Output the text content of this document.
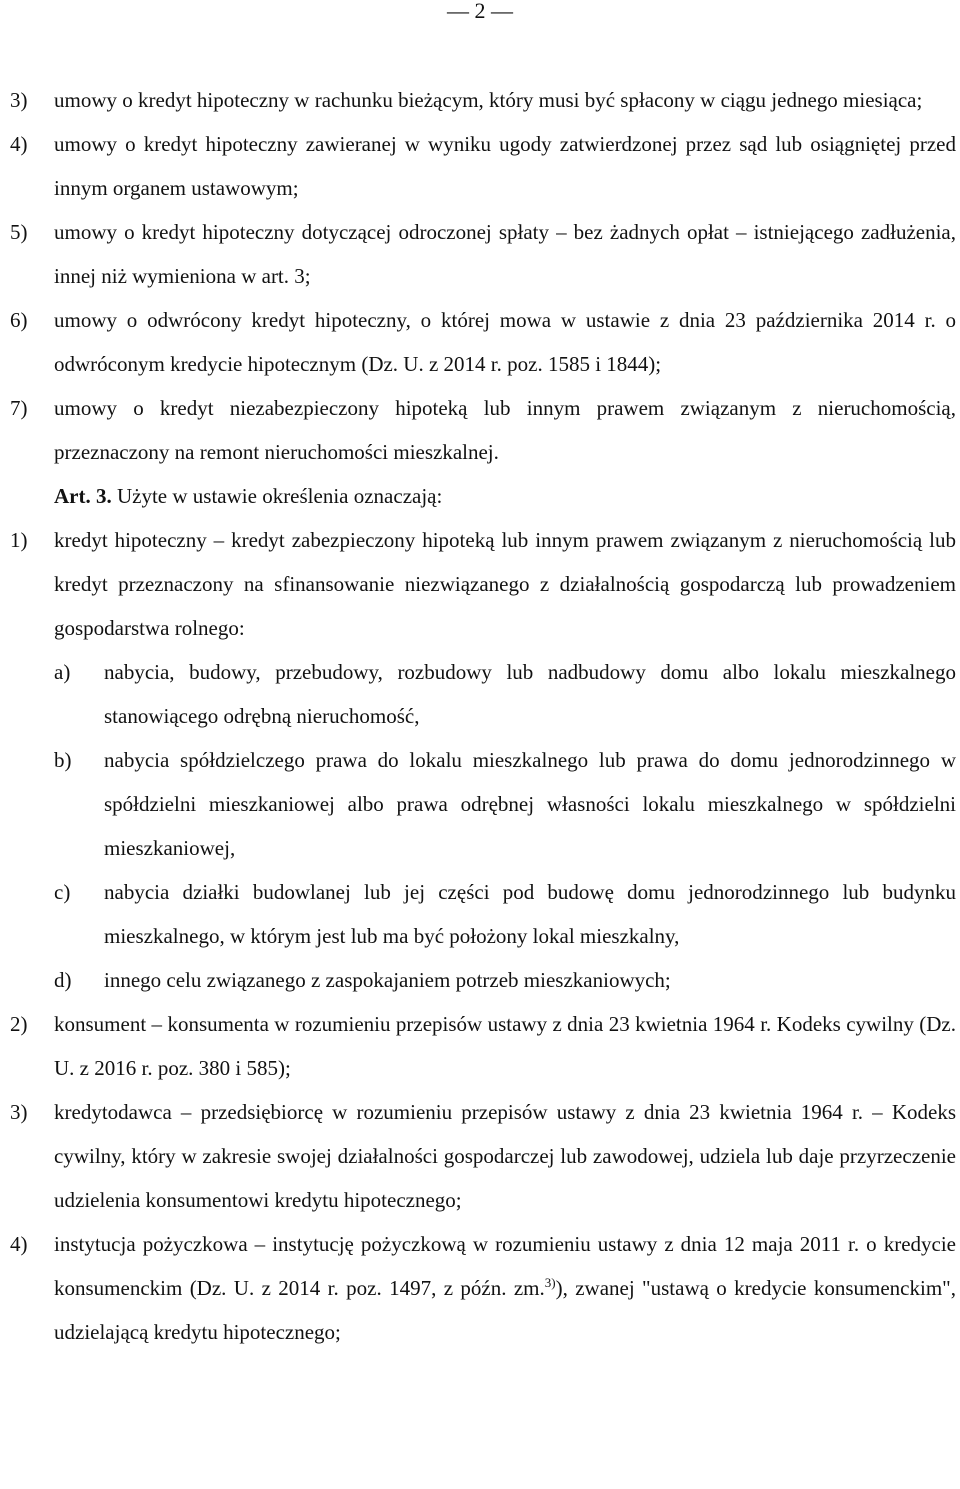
— 2 —
3) umowy o kredyt hipoteczny w rachunku bieżącym, który musi być spłacony w ciągu jednego miesiąca;
4) umowy o kredyt hipoteczny zawieranej w wyniku ugody zatwierdzonej przez sąd lub osiągniętej przed innym organem ustawowym;
5) umowy o kredyt hipoteczny dotyczącej odroczonej spłaty – bez żadnych opłat – istniejącego zadłużenia, innej niż wymieniona w art. 3;
6) umowy o odwrócony kredyt hipoteczny, o której mowa w ustawie z dnia 23 października 2014 r. o odwróconym kredycie hipotecznym (Dz. U. z 2014 r. poz. 1585 i 1844);
7) umowy o kredyt niezabezpieczony hipoteką lub innym prawem związanym z nieruchomością, przeznaczony na remont nieruchomości mieszkalnej.
Art. 3. Użyte w ustawie określenia oznaczają:
1) kredyt hipoteczny – kredyt zabezpieczony hipoteką lub innym prawem związanym z nieruchomością lub kredyt przeznaczony na sfinansowanie niezwiązanego z działalnością gospodarczą lub prowadzeniem gospodarstwa rolnego:
a) nabycia, budowy, przebudowy, rozbudowy lub nadbudowy domu albo lokalu mieszkalnego stanowiącego odrębną nieruchomość,
b) nabycia spółdzielczego prawa do lokalu mieszkalnego lub prawa do domu jednorodzinnego w spółdzielni mieszkaniowej albo prawa odrębnej własności lokalu mieszkalnego w spółdzielni mieszkaniowej,
c) nabycia działki budowlanej lub jej części pod budowę domu jednorodzinnego lub budynku mieszkalnego, w którym jest lub ma być położony lokal mieszkalny,
d) innego celu związanego z zaspokajaniem potrzeb mieszkaniowych;
2) konsument – konsumenta w rozumieniu przepisów ustawy z dnia 23 kwietnia 1964 r. Kodeks cywilny (Dz. U. z 2016 r. poz. 380 i 585);
3) kredytodawca – przedsiębiorcę w rozumieniu przepisów ustawy z dnia 23 kwietnia 1964 r. – Kodeks cywilny, który w zakresie swojej działalności gospodarczej lub zawodowej, udziela lub daje przyrzeczenie udzielenia konsumentowi kredytu hipotecznego;
4) instytucja pożyczkowa – instytucję pożyczkową w rozumieniu ustawy z dnia 12 maja 2011 r. o kredycie konsumenckim (Dz. U. z 2014 r. poz. 1497, z późn. zm.$^{3)}$), zwanej "ustawą o kredycie konsumenckim", udzielającą kredytu hipotecznego;
